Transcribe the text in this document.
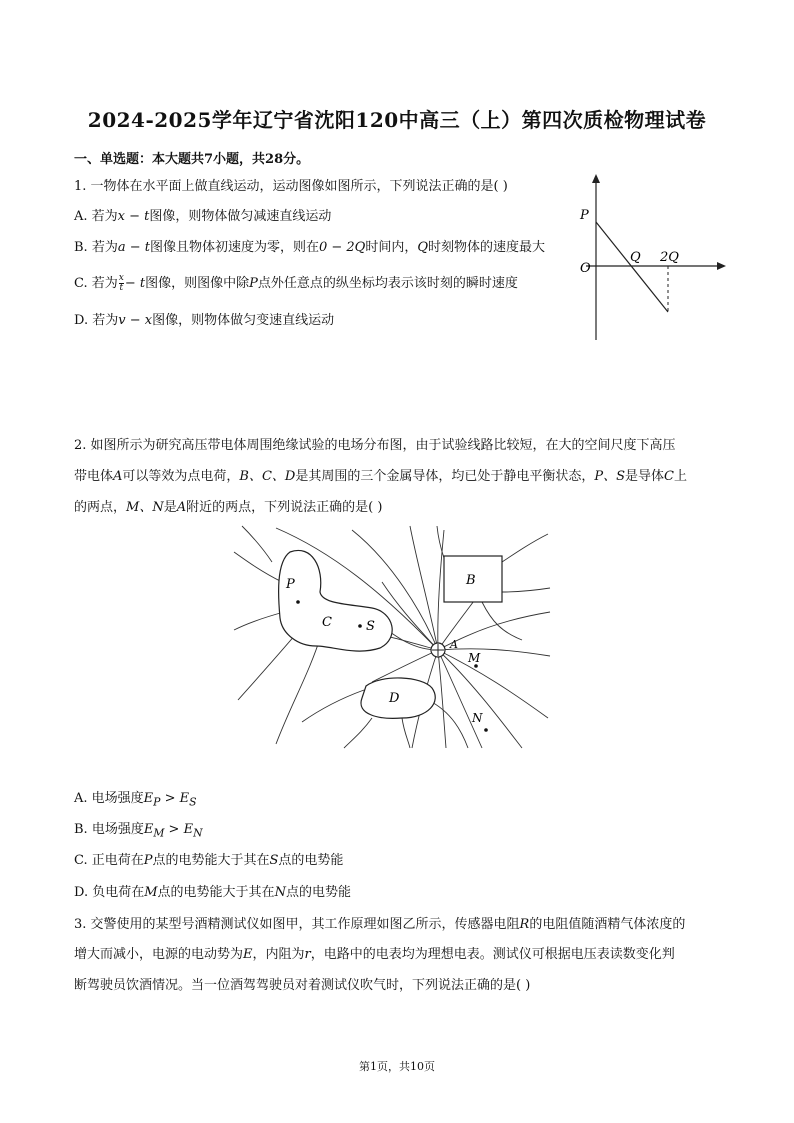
2024-2025学年辽宁省沈阳120中高三（上）第四次质检物理试卷
一、单选题：本大题共7小题，共28分。
1. 一物体在水平面上做直线运动，运动图像如图所示，下列说法正确的是( )
A. 若为x − t图像，则物体做匀减速直线运动
B. 若为a − t图像且物体初速度为零，则在0 − 2Q时间内，Q时刻物体的速度最大
C. 若为 $\frac{x}{t} - t$图像，则图像中除P点外任意点的纵坐标均表示该时刻的瞬时速度
D. 若为v − x图像，则物体做匀变速直线运动
P
O
Q 2Q
2. 如图所示为研究高压带电体周围绝缘试验的电场分布图，由于试验线路比较短，在大的空间尺度下高压
带电体A可以等效为点电荷，B、C、D是其周围的三个金属导体，均已处于静电平衡状态，P、S是导体C上
的两点，M、N是A附近的两点，下列说法正确的是( )
P
C	S
B
D
A
M
N
A. 电场强度$E_P > E_S$
B. 电场强度$E_M > E_N$
C. 正电荷在P点的电势能大于其在S点的电势能
D. 负电荷在M点的电势能大于其在N点的电势能
3. 交警使用的某型号酒精测试仪如图甲，其工作原理如图乙所示，传感器电阻R的电阻值随酒精气体浓度的
增大而减小，电源的电动势为E，内阻为r，电路中的电表均为理想电表。测试仪可根据电压表读数变化判
断驾驶员饮酒情况。当一位酒驾驾驶员对着测试仪吹气时，下列说法正确的是( )
第1页，共10页
